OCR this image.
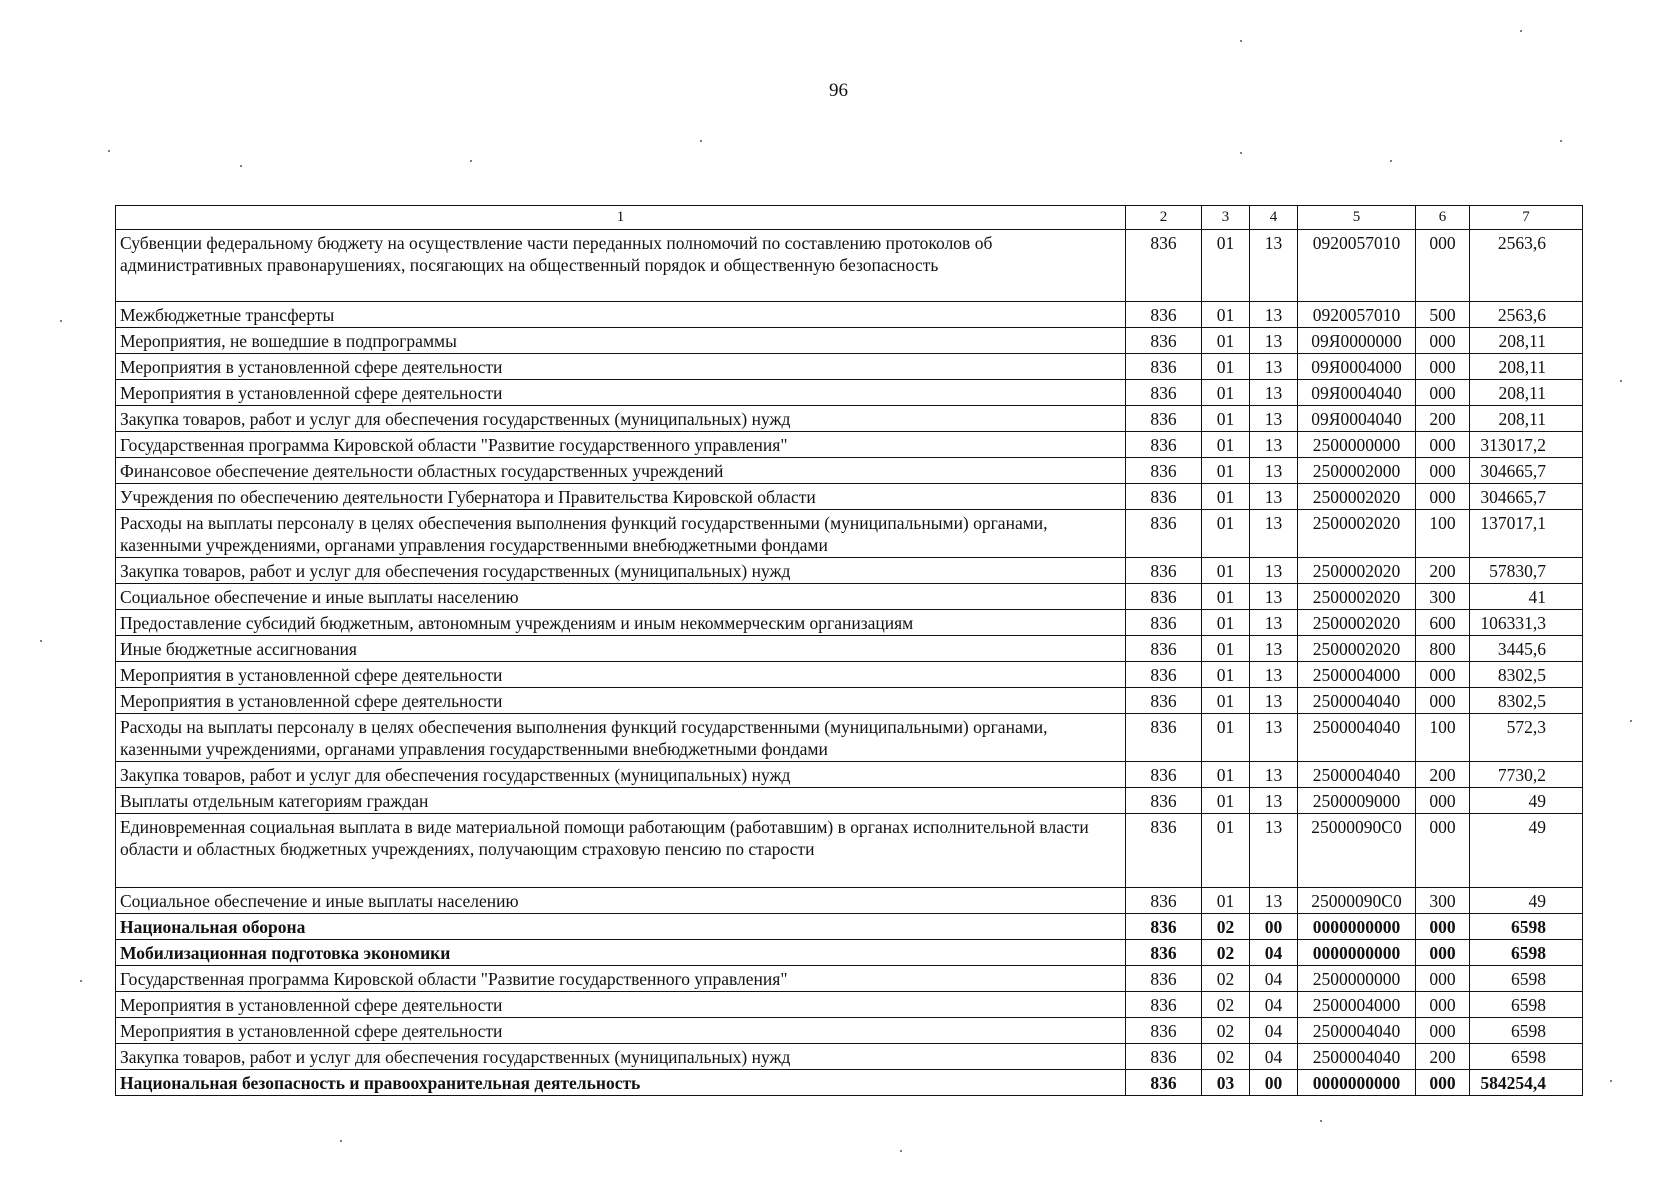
96
1	2	3	4	5	6	7
Субвенции федеральному бюджету на осуществление части переданных полномочий по составлению протоколов об административных правонарушениях, посягающих на общественный порядок и общественную безопасность	836	01	13	0920057010	000	2563,6
Межбюджетные трансферты	836	01	13	0920057010	500	2563,6
Мероприятия, не вошедшие в подпрограммы	836	01	13	09Я0000000	000	208,11
Мероприятия в установленной сфере деятельности	836	01	13	09Я0004000	000	208,11
Мероприятия в установленной сфере деятельности	836	01	13	09Я0004040	000	208,11
Закупка товаров, работ и услуг для обеспечения государственных (муниципальных) нужд	836	01	13	09Я0004040	200	208,11
Государственная программа Кировской области "Развитие государственного управления"	836	01	13	2500000000	000	313017,2
Финансовое обеспечение деятельности областных государственных учреждений	836	01	13	2500002000	000	304665,7
Учреждения по обеспечению деятельности Губернатора и Правительства Кировской области	836	01	13	2500002020	000	304665,7
Расходы на выплаты персоналу в целях обеспечения выполнения функций государственными (муниципальными) органами, казенными учреждениями, органами управления государственными внебюджетными фондами	836	01	13	2500002020	100	137017,1
Закупка товаров, работ и услуг для обеспечения государственных (муниципальных) нужд	836	01	13	2500002020	200	57830,7
Социальное обеспечение и иные выплаты населению	836	01	13	2500002020	300	41
Предоставление субсидий бюджетным, автономным учреждениям и иным некоммерческим организациям	836	01	13	2500002020	600	106331,3
Иные бюджетные ассигнования	836	01	13	2500002020	800	3445,6
Мероприятия в установленной сфере деятельности	836	01	13	2500004000	000	8302,5
Мероприятия в установленной сфере деятельности	836	01	13	2500004040	000	8302,5
Расходы на выплаты персоналу в целях обеспечения выполнения функций государственными (муниципальными) органами, казенными учреждениями, органами управления государственными внебюджетными фондами	836	01	13	2500004040	100	572,3
Закупка товаров, работ и услуг для обеспечения государственных (муниципальных) нужд	836	01	13	2500004040	200	7730,2
Выплаты отдельным категориям граждан	836	01	13	2500009000	000	49
Единовременная социальная выплата в виде материальной помощи работающим (работавшим) в органах исполнительной власти области и областных бюджетных учреждениях, получающим страховую пенсию по старости	836	01	13	25000090С0	000	49
Социальное обеспечение и иные выплаты населению	836	01	13	25000090С0	300	49
Национальная оборона	836	02	00	0000000000	000	6598
Мобилизационная подготовка экономики	836	02	04	0000000000	000	6598
Государственная программа Кировской области "Развитие государственного управления"	836	02	04	2500000000	000	6598
Мероприятия в установленной сфере деятельности	836	02	04	2500004000	000	6598
Мероприятия в установленной сфере деятельности	836	02	04	2500004040	000	6598
Закупка товаров, работ и услуг для обеспечения государственных (муниципальных) нужд	836	02	04	2500004040	200	6598
Национальная безопасность и правоохранительная деятельность	836	03	00	0000000000	000	584254,4
